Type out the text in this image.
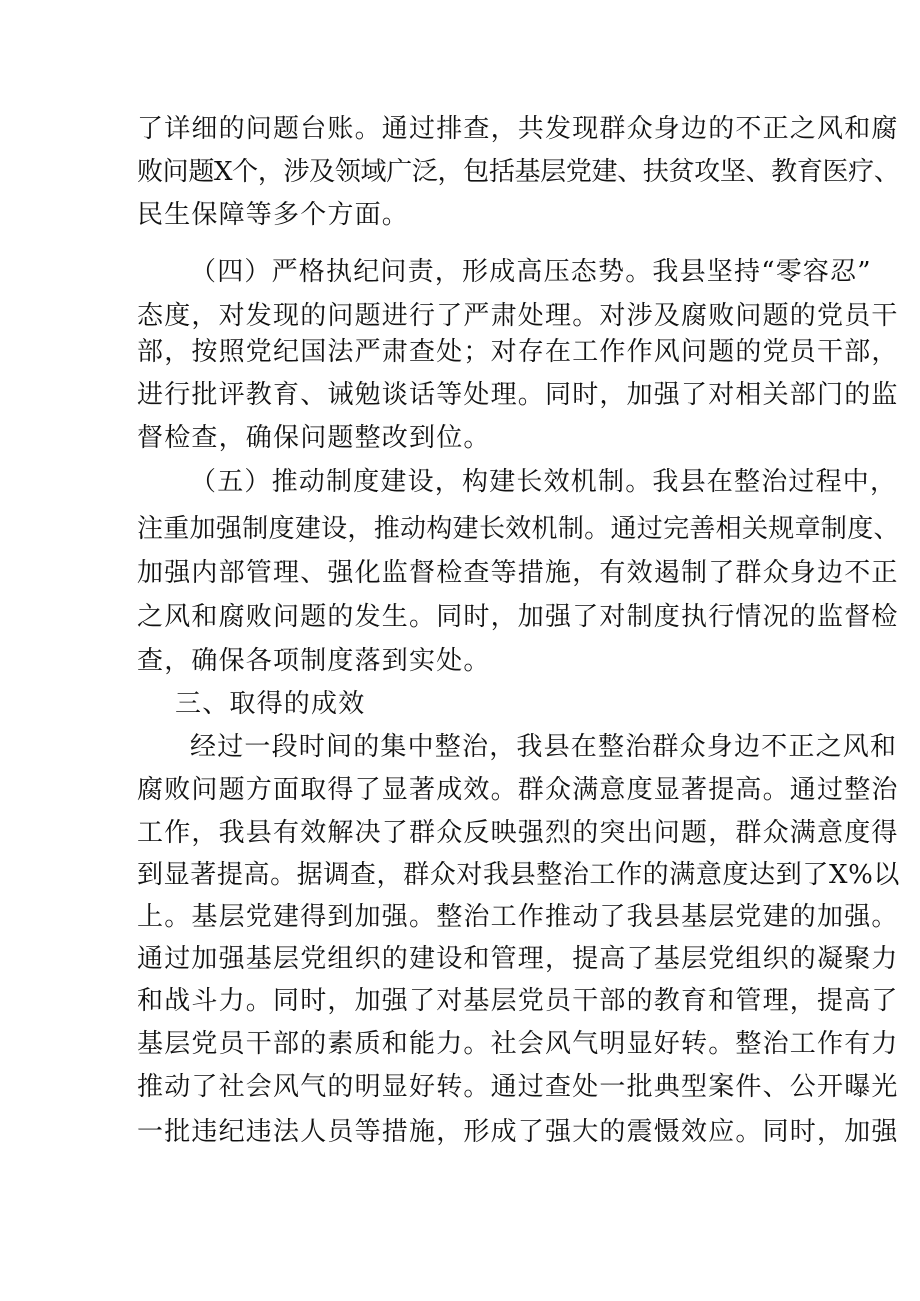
了详细的问题台账。通过排查，共发现群众身边的不正之风和腐
败问题X个，涉及领域广泛，包括基层党建、扶贫攻坚、教育医疗、
民生保障等多个方面。
（四）严格执纪问责，形成高压态势。我县坚持“零容忍”
态度，对发现的问题进行了严肃处理。对涉及腐败问题的党员干
部，按照党纪国法严肃查处；对存在工作作风问题的党员干部，
进行批评教育、诫勉谈话等处理。同时，加强了对相关部门的监
督检查，确保问题整改到位。
（五）推动制度建设，构建长效机制。我县在整治过程中，
注重加强制度建设，推动构建长效机制。通过完善相关规章制度、
加强内部管理、强化监督检查等措施，有效遏制了群众身边不正
之风和腐败问题的发生。同时，加强了对制度执行情况的监督检
查，确保各项制度落到实处。
三、取得的成效
经过一段时间的集中整治，我县在整治群众身边不正之风和
腐败问题方面取得了显著成效。群众满意度显著提高。通过整治
工作，我县有效解决了群众反映强烈的突出问题，群众满意度得
到显著提高。据调查，群众对我县整治工作的满意度达到了X%以
上。基层党建得到加强。整治工作推动了我县基层党建的加强。
通过加强基层党组织的建设和管理，提高了基层党组织的凝聚力
和战斗力。同时，加强了对基层党员干部的教育和管理，提高了
基层党员干部的素质和能力。社会风气明显好转。整治工作有力
推动了社会风气的明显好转。通过查处一批典型案件、公开曝光
一批违纪违法人员等措施，形成了强大的震慑效应。同时，加强
